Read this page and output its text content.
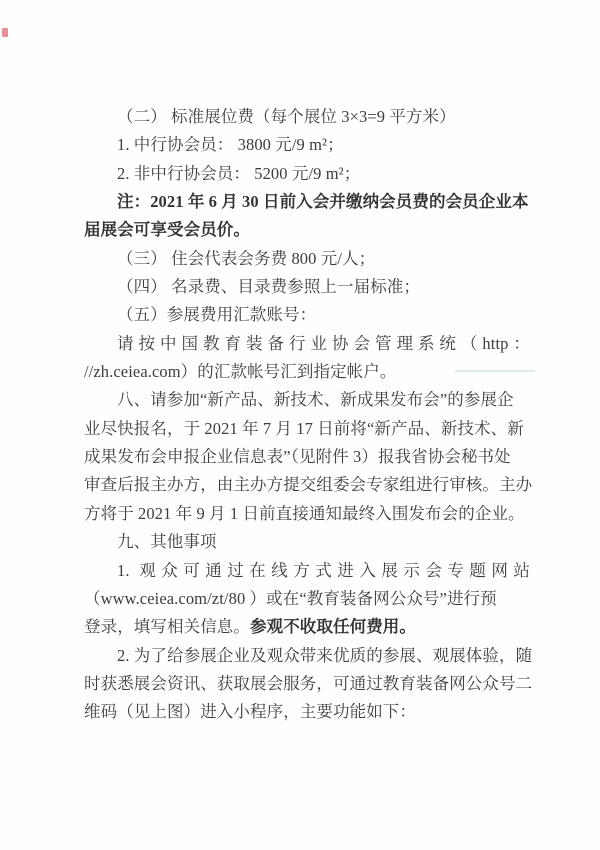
（二） 标准展位费（每个展位 3×3=9 平方米）
1. 中行协会员： 3800 元/9 m²；
2. 非中行协会员： 5200 元/9 m²；
注：2021 年 6 月 30 日前入会并缴纳会员费的会员企业本
届展会可享受会员价。
（三） 住会代表会务费 800 元/人；
（四） 名录费、目录费参照上一届标准；
（五）参展费用汇款账号：
请按中国教育装备行业协会管理系统（http：
//zh.ceiea.com）的汇款帐号汇到指定帐户。
八、请参加“新产品、新技术、新成果发布会”的参展企
业尽快报名，于 2021 年 7 月 17 日前将“新产品、新技术、新
成果发布会申报企业信息表”（见附件 3）报我省协会秘书处
审查后报主办方，由主办方提交组委会专家组进行审核。主办
方将于 2021 年 9 月 1 日前直接通知最终入围发布会的企业。
九、其他事项
1. 观众可通过在线方式进入展示会专题网站
（www.ceiea.com/zt/80 ）或在“教育装备网公众号”进行预
登录，填写相关信息。参观不收取任何费用。
2. 为了给参展企业及观众带来优质的参展、观展体验，随
时获悉展会资讯、获取展会服务，可通过教育装备网公众号二
维码（见上图）进入小程序，主要功能如下：
